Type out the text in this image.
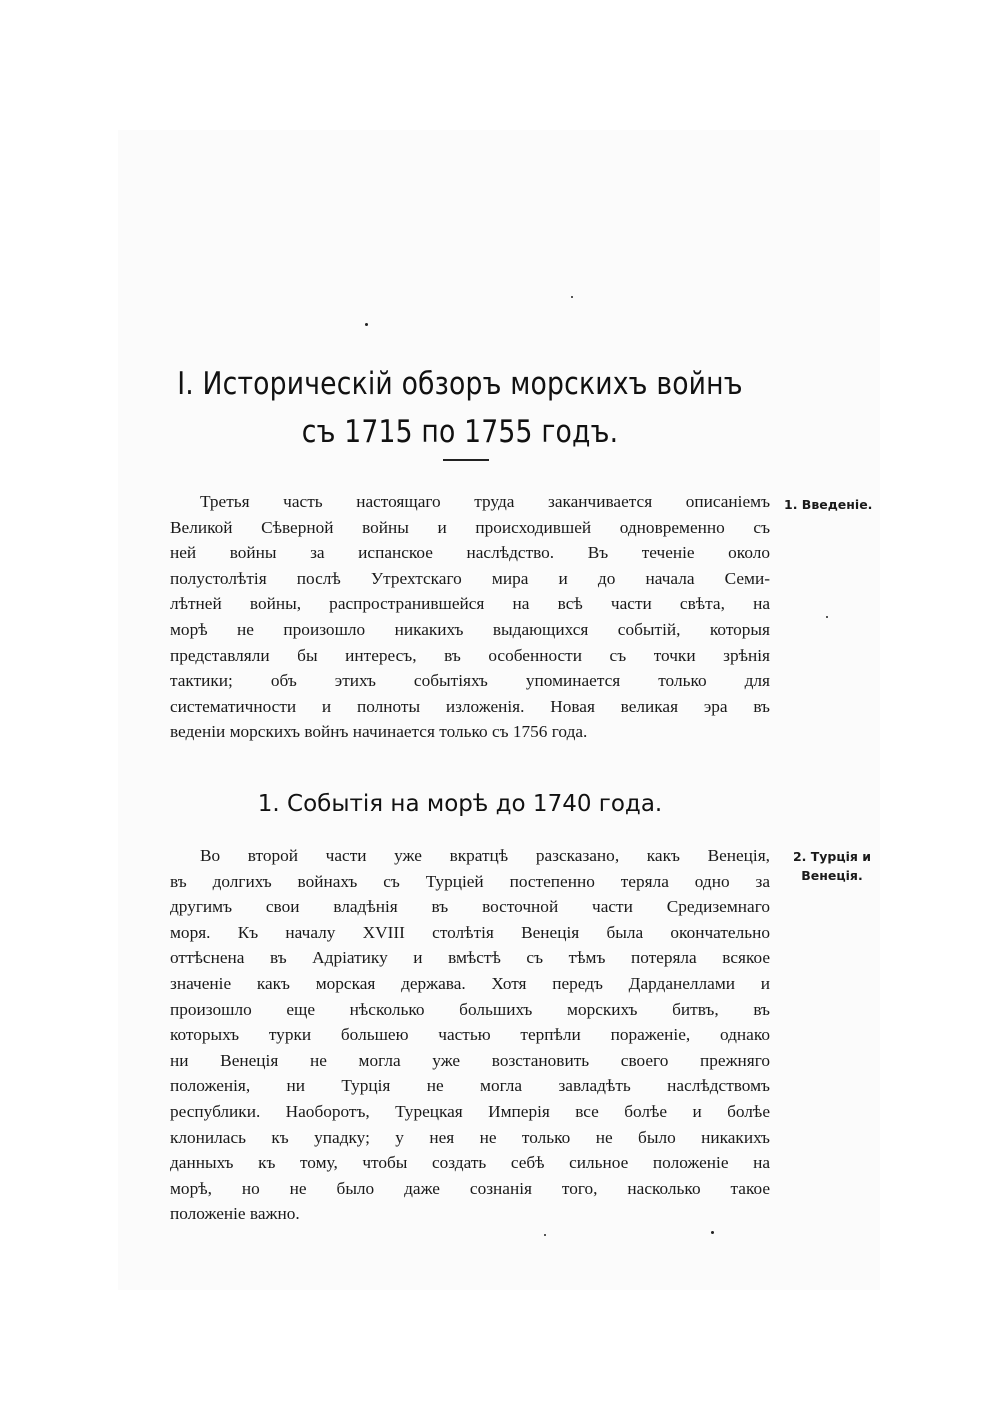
I. Историческiй обзоръ морскихъ войнъ
съ 1715 по 1755 годъ.
1. Введенiе.

Третья часть настоящаго труда заканчивается описанiемъ
Великой Сѣверной войны и происходившей одновременно съ
ней войны за испанское наслѣдство. Въ теченiе около
полустолѣтiя послѣ Утрехтскаго мира и до начала Семи-
лѣтней войны, распространившейся на всѣ части свѣта, на
морѣ не произошло никакихъ выдающихся событiй, которыя
представляли бы интересъ, въ особенности съ точки зрѣнiя
тактики; объ этихъ событiяхъ упоминается только для
систематичности и полноты изложенiя. Новая великая эра въ
веденiи морскихъ войнъ начинается только съ 1756 года.

1. Событiя на морѣ до 1740 года.
2. Турцiя и
Венецiя.

Во второй части уже вкратцѣ разсказано, какъ Венецiя,
въ долгихъ войнахъ съ Турцiей постепенно теряла одно за
другимъ свои владѣнiя въ восточной части Средиземнаго
моря. Къ началу XVIII столѣтiя Венецiя была окончательно
оттѣснена въ Адрiатику и вмѣстѣ съ тѣмъ потеряла всякое
значенiе какъ морская держава. Хотя передъ Дарданеллами и
произошло еще нѣсколько большихъ морскихъ битвъ, въ
которыхъ турки большею частью терпѣли пораженiе, однако
ни Венецiя не могла уже возстановить своего прежняго
положенiя, ни Турцiя не могла завладѣть наслѣдствомъ
республики. Наоборотъ, Турецкая Имперiя все болѣе и болѣе
клонилась къ упадку; у нея не только не было никакихъ
данныхъ къ тому, чтобы создать себѣ сильное положенiе на
морѣ, но не было даже сознанiя того, насколько такое
положенiе важно.
